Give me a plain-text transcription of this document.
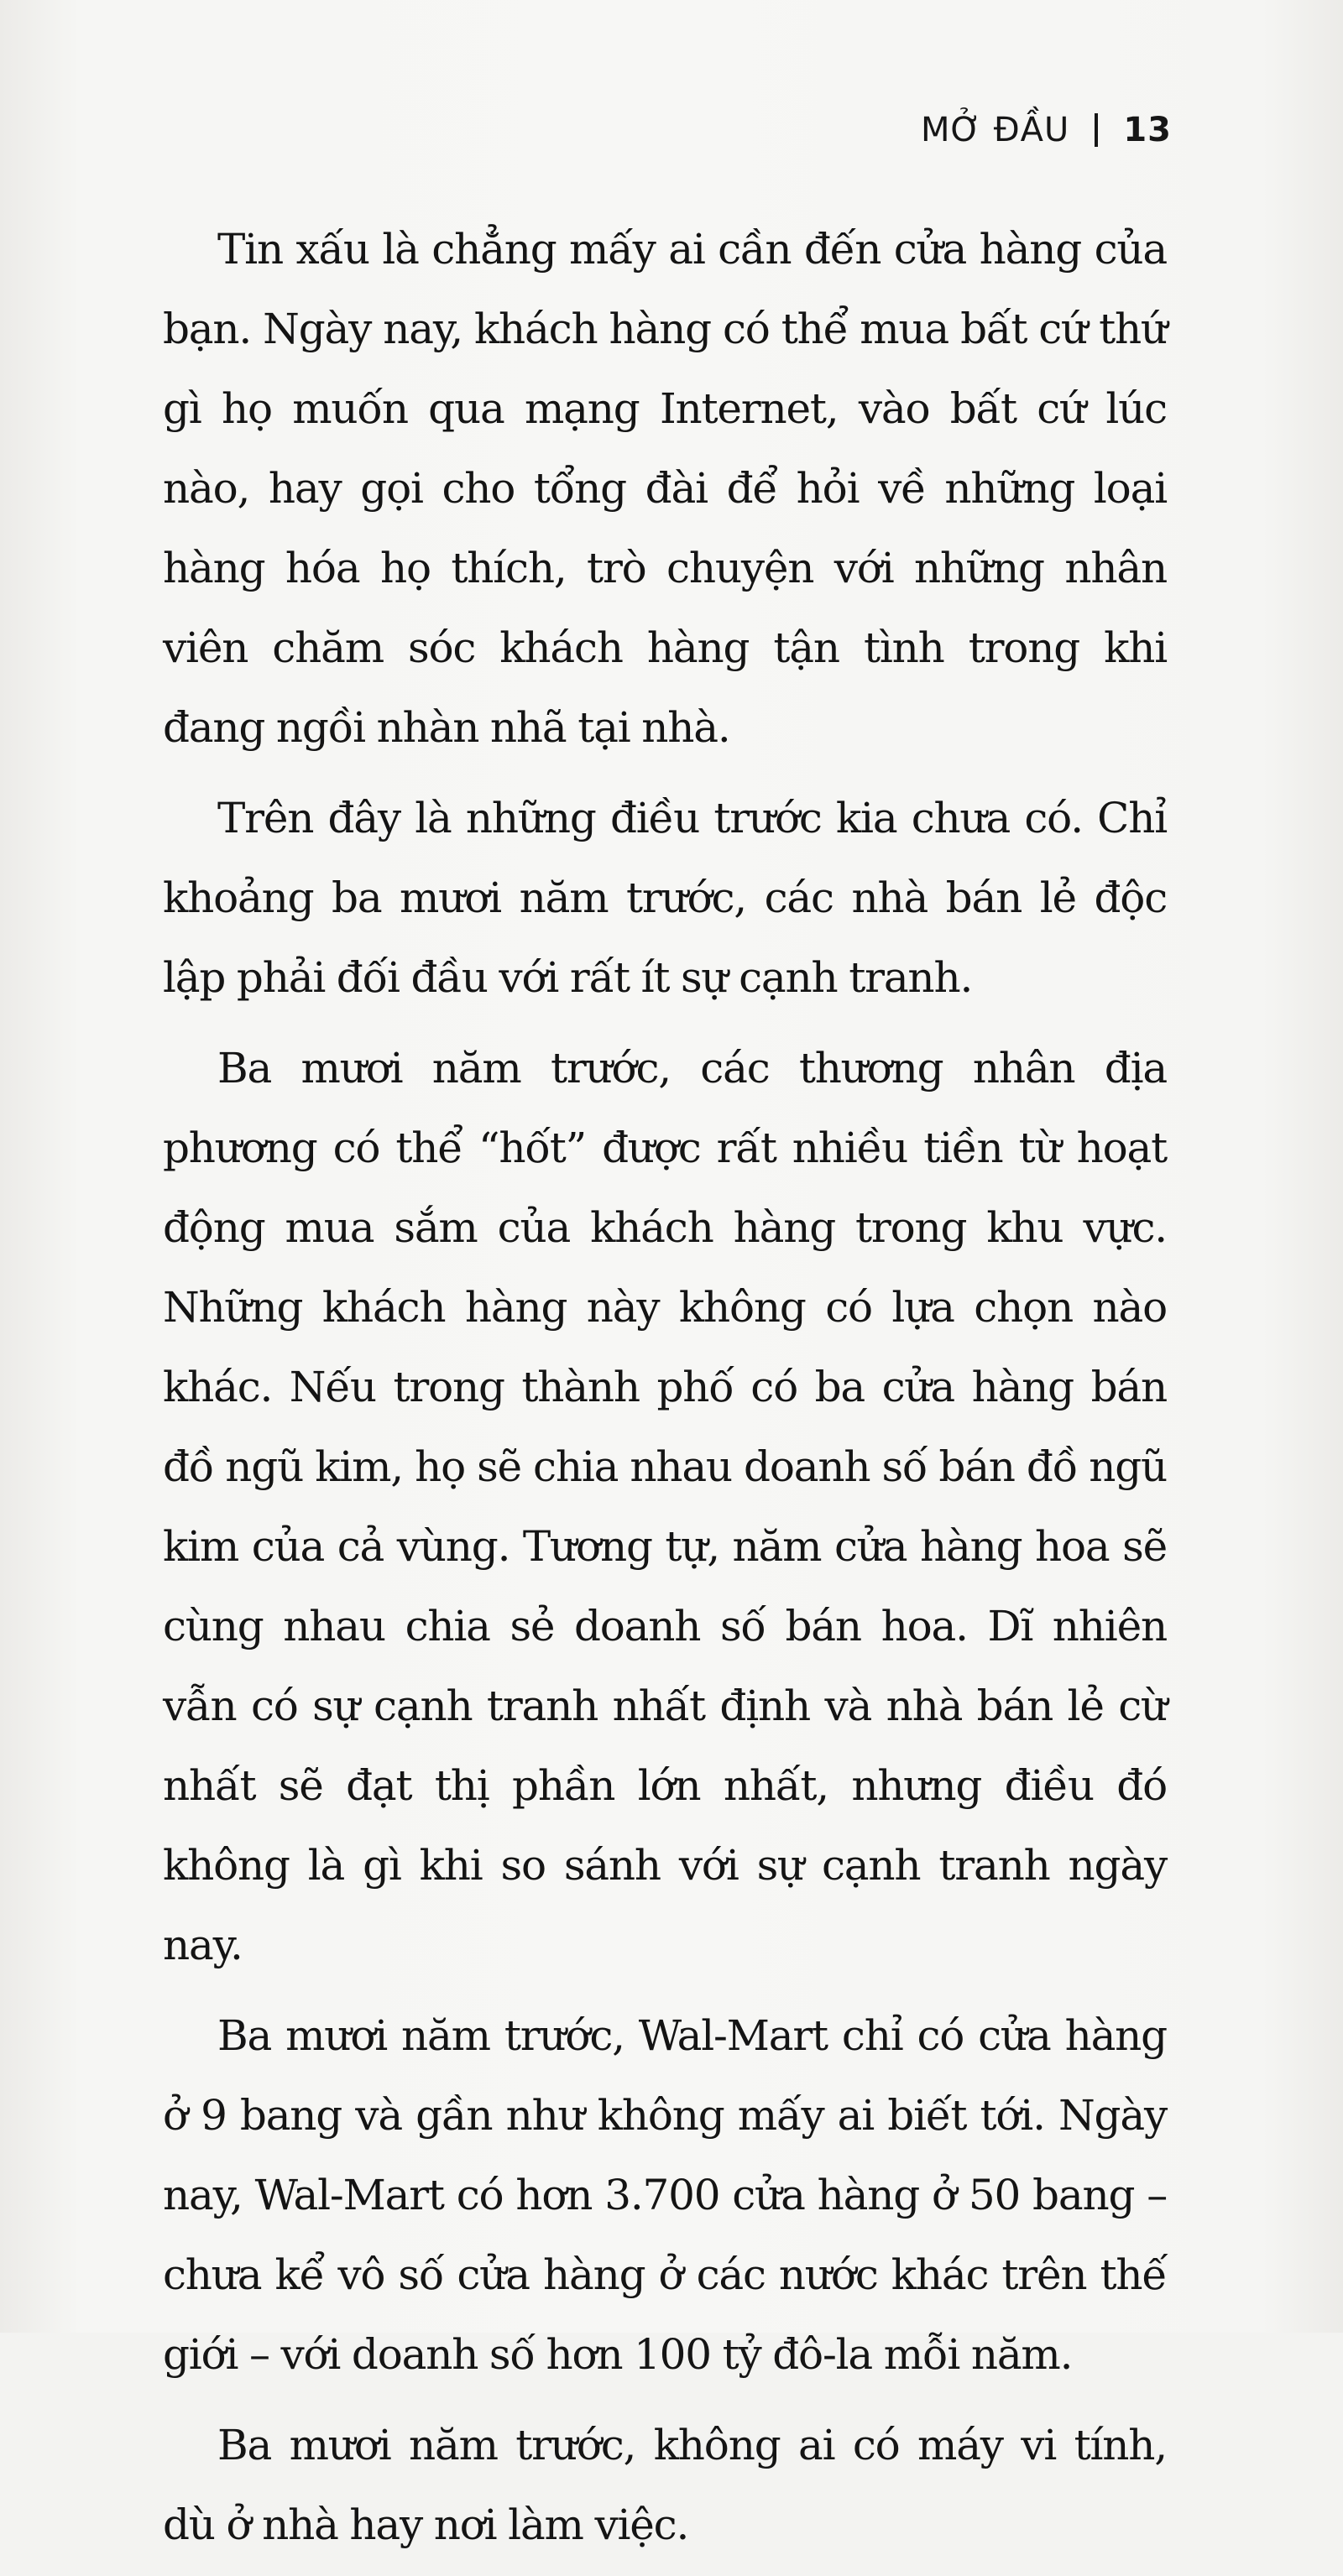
MỞ ĐẦU 13

Tin xấu là chẳng mấy ai cần đến cửa hàng của bạn. Ngày nay, khách hàng có thể mua bất cứ thứ gì họ muốn qua mạng Internet, vào bất cứ lúc nào, hay gọi cho tổng đài để hỏi về những loại hàng hóa họ thích, trò chuyện với những nhân viên chăm sóc khách hàng tận tình trong khi đang ngồi nhàn nhã tại nhà.

Trên đây là những điều trước kia chưa có. Chỉ khoảng ba mươi năm trước, các nhà bán lẻ độc lập phải đối đầu với rất ít sự cạnh tranh.

Ba mươi năm trước, các thương nhân địa phương có thể “hốt” được rất nhiều tiền từ hoạt động mua sắm của khách hàng trong khu vực. Những khách hàng này không có lựa chọn nào khác. Nếu trong thành phố có ba cửa hàng bán đồ ngũ kim, họ sẽ chia nhau doanh số bán đồ ngũ kim của cả vùng. Tương tự, năm cửa hàng hoa sẽ cùng nhau chia sẻ doanh số bán hoa. Dĩ nhiên vẫn có sự cạnh tranh nhất định và nhà bán lẻ cừ nhất sẽ đạt thị phần lớn nhất, nhưng điều đó không là gì khi so sánh với sự cạnh tranh ngày nay.

Ba mươi năm trước, Wal-Mart chỉ có cửa hàng ở 9 bang và gần như không mấy ai biết tới. Ngày nay, Wal-Mart có hơn 3.700 cửa hàng ở 50 bang – chưa kể vô số cửa hàng ở các nước khác trên thế giới – với doanh số hơn 100 tỷ đô-la mỗi năm.

Ba mươi năm trước, không ai có máy vi tính, dù ở nhà hay nơi làm việc.
